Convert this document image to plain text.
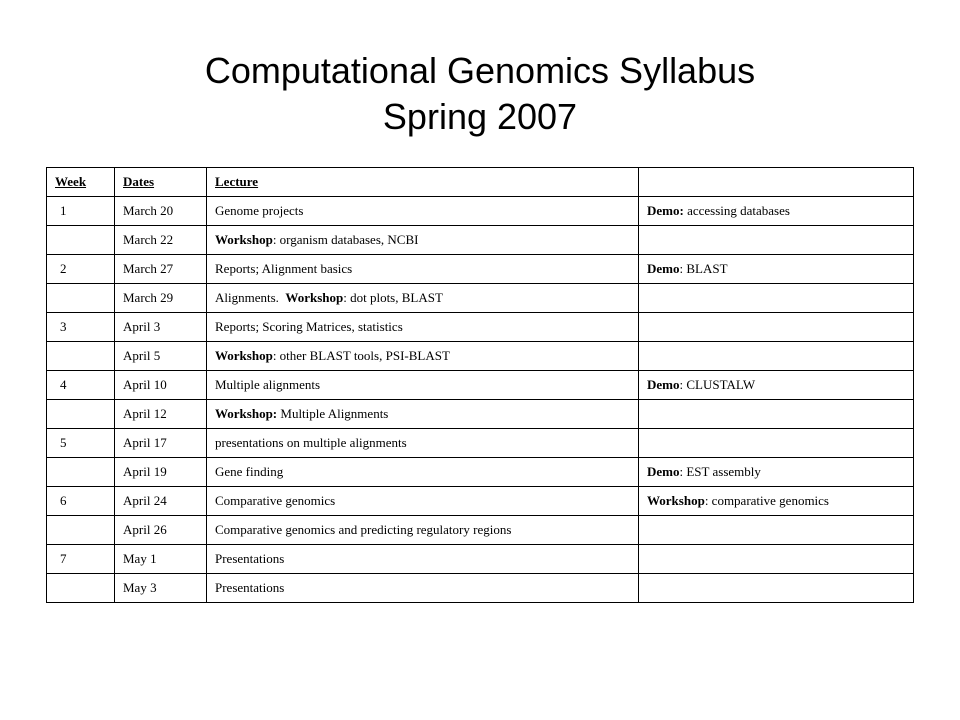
Computational Genomics Syllabus
Spring 2007
Week	Dates	Lecture	
1	March 20	Genome projects	Demo: accessing databases
	March 22	Workshop: organism databases, NCBI	
2	March 27	Reports; Alignment basics	Demo: BLAST
	March 29	Alignments.  Workshop: dot plots, BLAST	
3	April 3	Reports; Scoring Matrices, statistics	
	April 5	Workshop: other BLAST tools, PSI-BLAST	
4	April 10	Multiple alignments	Demo: CLUSTALW
	April 12	Workshop: Multiple Alignments	
5	April 17	presentations on multiple alignments	
	April 19	Gene finding	Demo: EST assembly
6	April 24	Comparative genomics	Workshop: comparative genomics
	April 26	Comparative genomics and predicting regulatory regions	
7	May 1	Presentations	
	May 3	Presentations	
